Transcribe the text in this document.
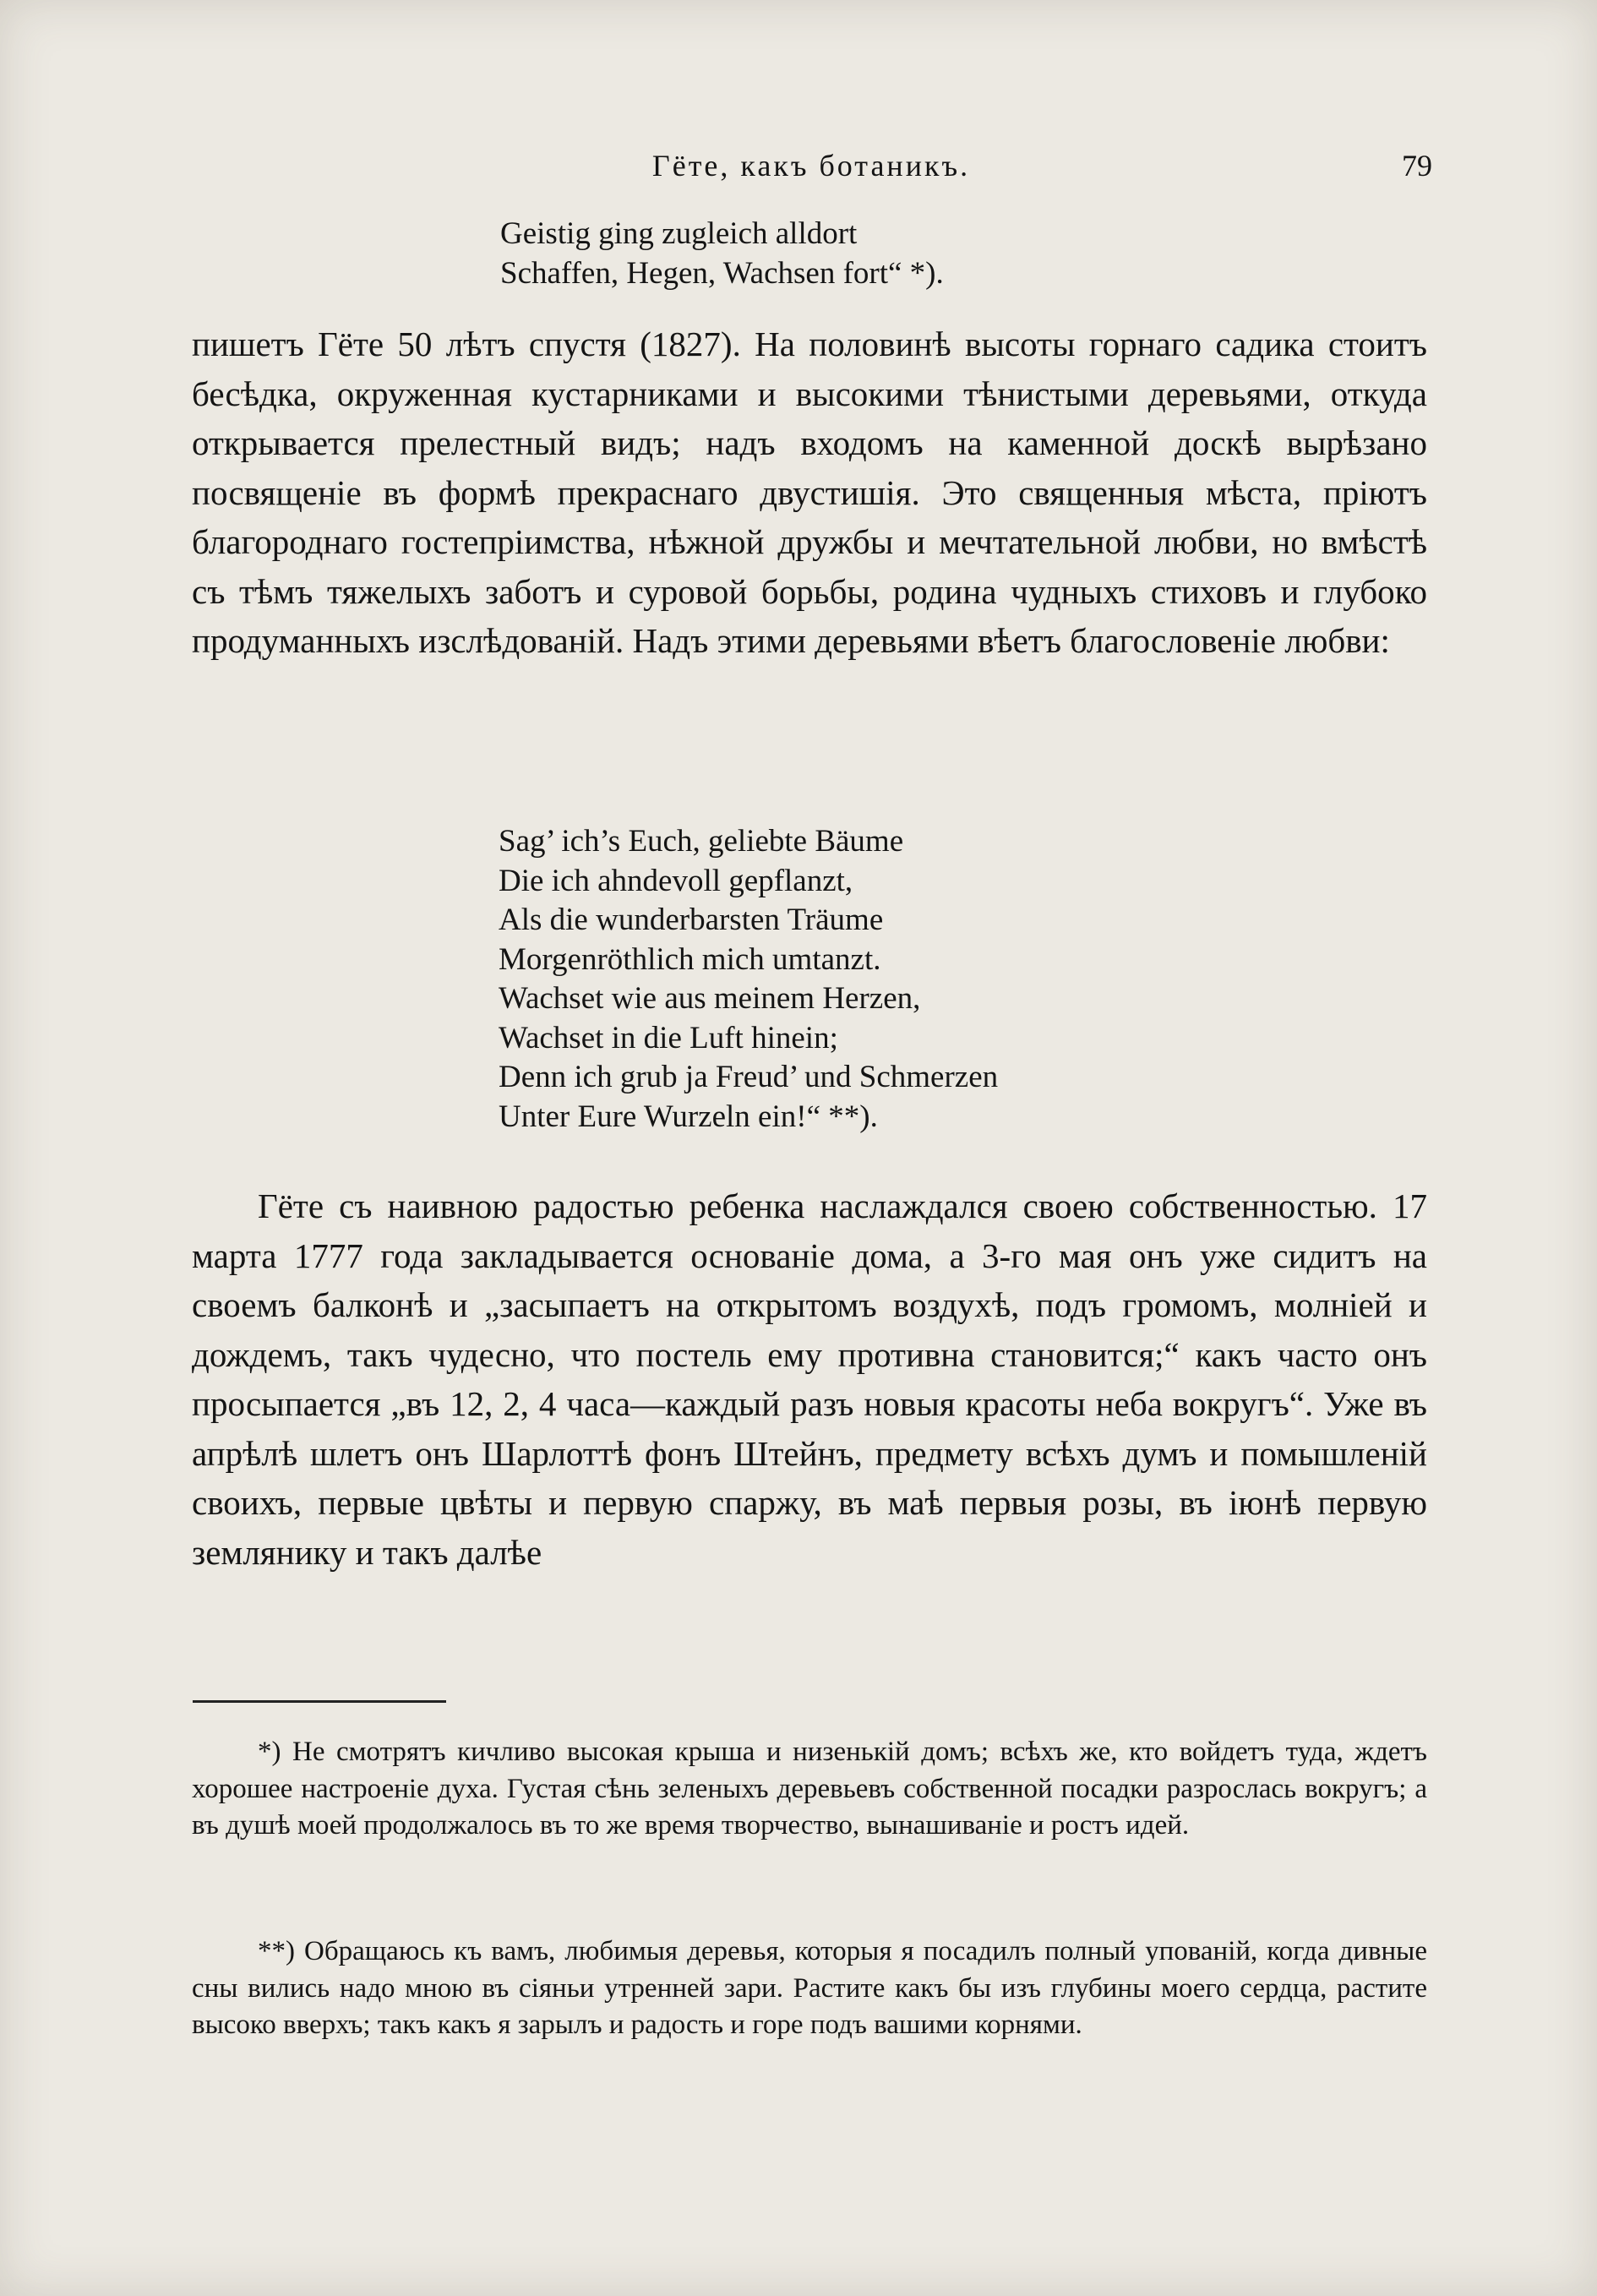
Гёте, какъ ботаникъ.	79
Geistig ging zugleich alldort
Schaffen, Hegen, Wachsen fort“ *).
пишетъ Гёте 50 лѣтъ спустя (1827). На половинѣ высоты горнаго садика стоитъ бесѣдка, окруженная кустарниками и высокими тѣнистыми деревьями, откуда открывается прелестный видъ; надъ входомъ на каменной доскѣ вырѣзано посвященіе въ формѣ прекраснаго двустишія. Это священныя мѣста, пріютъ благороднаго гостепріимства, нѣжной дружбы и мечтательной любви, но вмѣстѣ съ тѣмъ тяжелыхъ заботъ и суровой борьбы, родина чудныхъ стиховъ и глубоко продуманныхъ изслѣдованій. Надъ этими деревьями вѣетъ благословеніе любви:
Sag’ ich’s Euch, geliebte Bäume
Die ich ahndevoll gepflanzt,
Als die wunderbarsten Träume
Morgenröthlich mich umtanzt.
Wachset wie aus meinem Herzen,
Wachset in die Luft hinein;
Denn ich grub ja Freud’ und Schmerzen
Unter Eure Wurzeln ein!“ **).
Гёте съ наивною радостью ребенка наслаждался своею собственностью. 17 марта 1777 года закладывается основаніе дома, а 3-го мая онъ уже сидитъ на своемъ балконѣ и „засыпаетъ на открытомъ воздухѣ, подъ громомъ, молніей и дождемъ, такъ чудесно, что постель ему противна становится;“ какъ часто онъ просыпается „въ 12, 2, 4 часа—каждый разъ новыя красоты неба вокругъ“. Уже въ апрѣлѣ шлетъ онъ Шарлоттѣ фонъ Штейнъ, предмету всѣхъ думъ и помышленій своихъ, первые цвѣты и первую спаржу, въ маѣ первыя розы, въ іюнѣ первую землянику и такъ далѣе
*) Не смотрятъ кичливо высокая крыша и низенькій домъ; всѣхъ же, кто войдетъ туда, ждетъ хорошее настроеніе духа. Густая сѣнь зеленыхъ деревьевъ собственной посадки разрослась вокругъ; а въ душѣ моей продолжалось въ то же время творчество, вынашиваніе и ростъ идей.
**) Обращаюсь къ вамъ, любимыя деревья, которыя я посадилъ полный упованій, когда дивные сны вились надо мною въ сіяньи утренней зари. Растите какъ бы изъ глубины моего сердца, растите высоко вверхъ; такъ какъ я зарылъ и радость и горе подъ вашими корнями.
